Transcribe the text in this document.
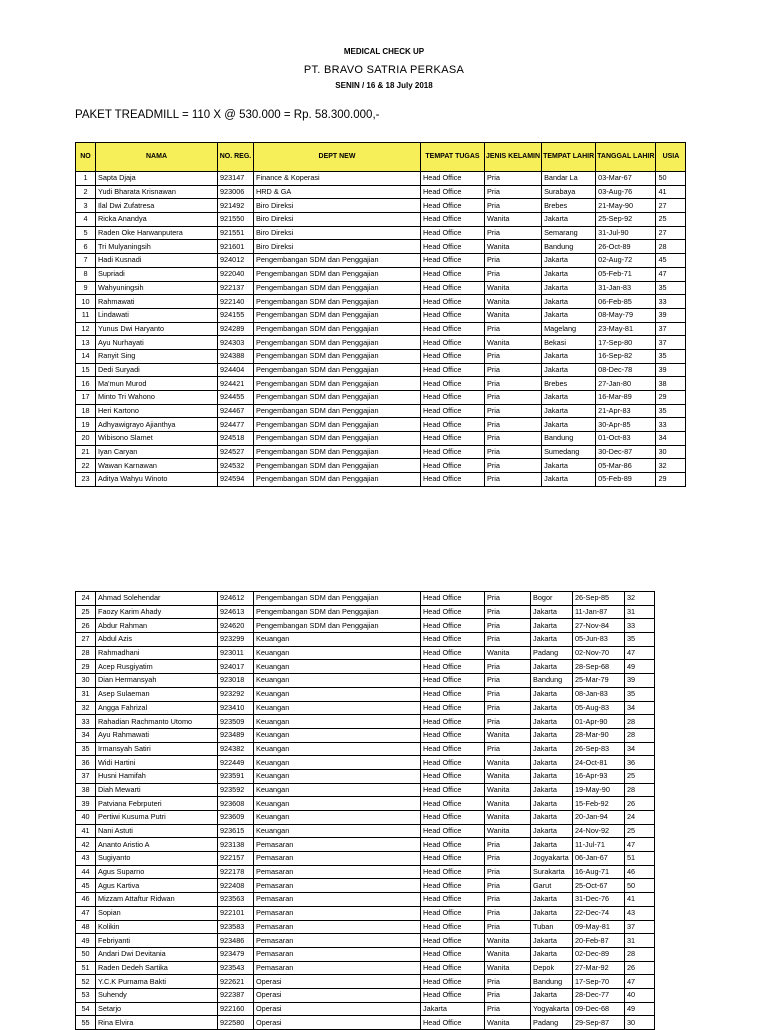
MEDICAL CHECK UP
PT. BRAVO SATRIA PERKASA
SENIN / 16 & 18 July 2018
PAKET TREADMILL = 110 X @ 530.000 = Rp. 58.300.000,-
NO	NAMA	NO. REG.	DEPT NEW	TEMPAT TUGAS	JENIS KELAMIN	TEMPAT LAHIR	TANGGAL LAHIR	USIA
1	Sapta Djaja	923147	Finance & Koperasi	Head Office	Pria	Bandar La	03-Mar-67	50
2	Yudi Bharata Krisnawan	923006	HRD & GA	Head Office	Pria	Surabaya	03-Aug-76	41
3	Ilal Dwi Zufatresa	921492	Biro Direksi	Head Office	Pria	Brebes	21-May-90	27
4	Ricka Anandya	921550	Biro Direksi	Head Office	Wanita	Jakarta	25-Sep-92	25
5	Raden Oke Harwanputera	921551	Biro Direksi	Head Office	Pria	Semarang	31-Jul-90	27
6	Tri Mulyaningsih	921601	Biro Direksi	Head Office	Wanita	Bandung	26-Oct-89	28
7	Hadi Kusnadi	924012	Pengembangan SDM dan Penggajian	Head Office	Pria	Jakarta	02-Aug-72	45
8	Supriadi	922040	Pengembangan SDM dan Penggajian	Head Office	Pria	Jakarta	05-Feb-71	47
9	Wahyuningsih	922137	Pengembangan SDM dan Penggajian	Head Office	Wanita	Jakarta	31-Jan-83	35
10	Rahmawati	922140	Pengembangan SDM dan Penggajian	Head Office	Wanita	Jakarta	06-Feb-85	33
11	Lindawati	924155	Pengembangan SDM dan Penggajian	Head Office	Wanita	Jakarta	08-May-79	39
12	Yunus Dwi Haryanto	924289	Pengembangan SDM dan Penggajian	Head Office	Pria	Magelang	23-May-81	37
13	Ayu Nurhayati	924303	Pengembangan SDM dan Penggajian	Head Office	Wanita	Bekasi	17-Sep-80	37
14	Ranyit Sing	924388	Pengembangan SDM dan Penggajian	Head Office	Pria	Jakarta	16-Sep-82	35
15	Dedi Suryadi	924404	Pengembangan SDM dan Penggajian	Head Office	Pria	Jakarta	08-Dec-78	39
16	Ma'mun Murod	924421	Pengembangan SDM dan Penggajian	Head Office	Pria	Brebes	27-Jan-80	38
17	Minto Tri Wahono	924455	Pengembangan SDM dan Penggajian	Head Office	Pria	Jakarta	16-Mar-89	29
18	Heri Kartono	924467	Pengembangan SDM dan Penggajian	Head Office	Pria	Jakarta	21-Apr-83	35
19	Adhyawigrayo Ajianthya	924477	Pengembangan SDM dan Penggajian	Head Office	Pria	Jakarta	30-Apr-85	33
20	Wibisono Slamet	924518	Pengembangan SDM dan Penggajian	Head Office	Pria	Bandung	01-Oct-83	34
21	Iyan Caryan	924527	Pengembangan SDM dan Penggajian	Head Office	Pria	Sumedang	30-Dec-87	30
22	Wawan Karnawan	924532	Pengembangan SDM dan Penggajian	Head Office	Pria	Jakarta	05-Mar-86	32
23	Aditya Wahyu Winoto	924594	Pengembangan SDM dan Penggajian	Head Office	Pria	Jakarta	05-Feb-89	29
24	Ahmad Solehendar	924612	Pengembangan SDM dan Penggajian	Head Office	Pria	Bogor	26-Sep-85	32
25	Faozy Karim Ahady	924613	Pengembangan SDM dan Penggajian	Head Office	Pria	Jakarta	11-Jan-87	31
26	Abdur Rahman	924620	Pengembangan SDM dan Penggajian	Head Office	Pria	Jakarta	27-Nov-84	33
27	Abdul Azis	923299	Keuangan	Head Office	Pria	Jakarta	05-Jun-83	35
28	Rahmadhani	923011	Keuangan	Head Office	Wanita	Padang	02-Nov-70	47
29	Acep Rusgiyatim	924017	Keuangan	Head Office	Pria	Jakarta	28-Sep-68	49
30	Dian Hermansyah	923018	Keuangan	Head Office	Pria	Bandung	25-Mar-79	39
31	Asep Sulaeman	923292	Keuangan	Head Office	Pria	Jakarta	08-Jan-83	35
32	Angga Fahrizal	923410	Keuangan	Head Office	Pria	Jakarta	05-Aug-83	34
33	Rahadian Rachmanto Utomo	923509	Keuangan	Head Office	Pria	Jakarta	01-Apr-90	28
34	Ayu Rahmawati	923489	Keuangan	Head Office	Wanita	Jakarta	28-Mar-90	28
35	Irmansyah Satiri	924382	Keuangan	Head Office	Pria	Jakarta	26-Sep-83	34
36	Widi Hartini	922449	Keuangan	Head Office	Wanita	Jakarta	24-Oct-81	36
37	Husni Hamifah	923591	Keuangan	Head Office	Wanita	Jakarta	16-Apr-93	25
38	Diah Mewarti	923592	Keuangan	Head Office	Wanita	Jakarta	19-May-90	28
39	Patviana Febrputeri	923608	Keuangan	Head Office	Wanita	Jakarta	15-Feb-92	26
40	Pertiwi Kusuma Putri	923609	Keuangan	Head Office	Wanita	Jakarta	20-Jan-94	24
41	Nani Astuti	923615	Keuangan	Head Office	Wanita	Jakarta	24-Nov-92	25
42	Ananto Aristio A	923138	Pemasaran	Head Office	Pria	Jakarta	11-Jul-71	47
43	Sugiyanto	922157	Pemasaran	Head Office	Pria	Jogyakarta	06-Jan-67	51
44	Agus Suparno	922178	Pemasaran	Head Office	Pria	Surakarta	16-Aug-71	46
45	Agus Kartiva	922408	Pemasaran	Head Office	Pria	Garut	25-Oct-67	50
46	Mizzam Attaftur Ridwan	923563	Pemasaran	Head Office	Pria	Jakarta	31-Dec-76	41
47	Sopian	922101	Pemasaran	Head Office	Pria	Jakarta	22-Dec-74	43
48	Kolikin	923583	Pemasaran	Head Office	Pria	Tuban	09-May-81	37
49	Febriyanti	923486	Pemasaran	Head Office	Wanita	Jakarta	20-Feb-87	31
50	Andari Dwi Devitania	923479	Pemasaran	Head Office	Wanita	Jakarta	02-Dec-89	28
51	Raden Dedeh Sartika	923543	Pemasaran	Head Office	Wanita	Depok	27-Mar-92	26
52	Y.C.K Purnama Bakti	922621	Operasi	Head Office	Pria	Bandung	17-Sep-70	47
53	Suhendy	922387	Operasi	Head Office	Pria	Jakarta	28-Dec-77	40
54	Setarjo	922160	Operasi	Jakarta	Pria	Yogyakarta	09-Dec-68	49
55	Rina Elvira	922580	Operasi	Head Office	Wanita	Padang	29-Sep-87	30
